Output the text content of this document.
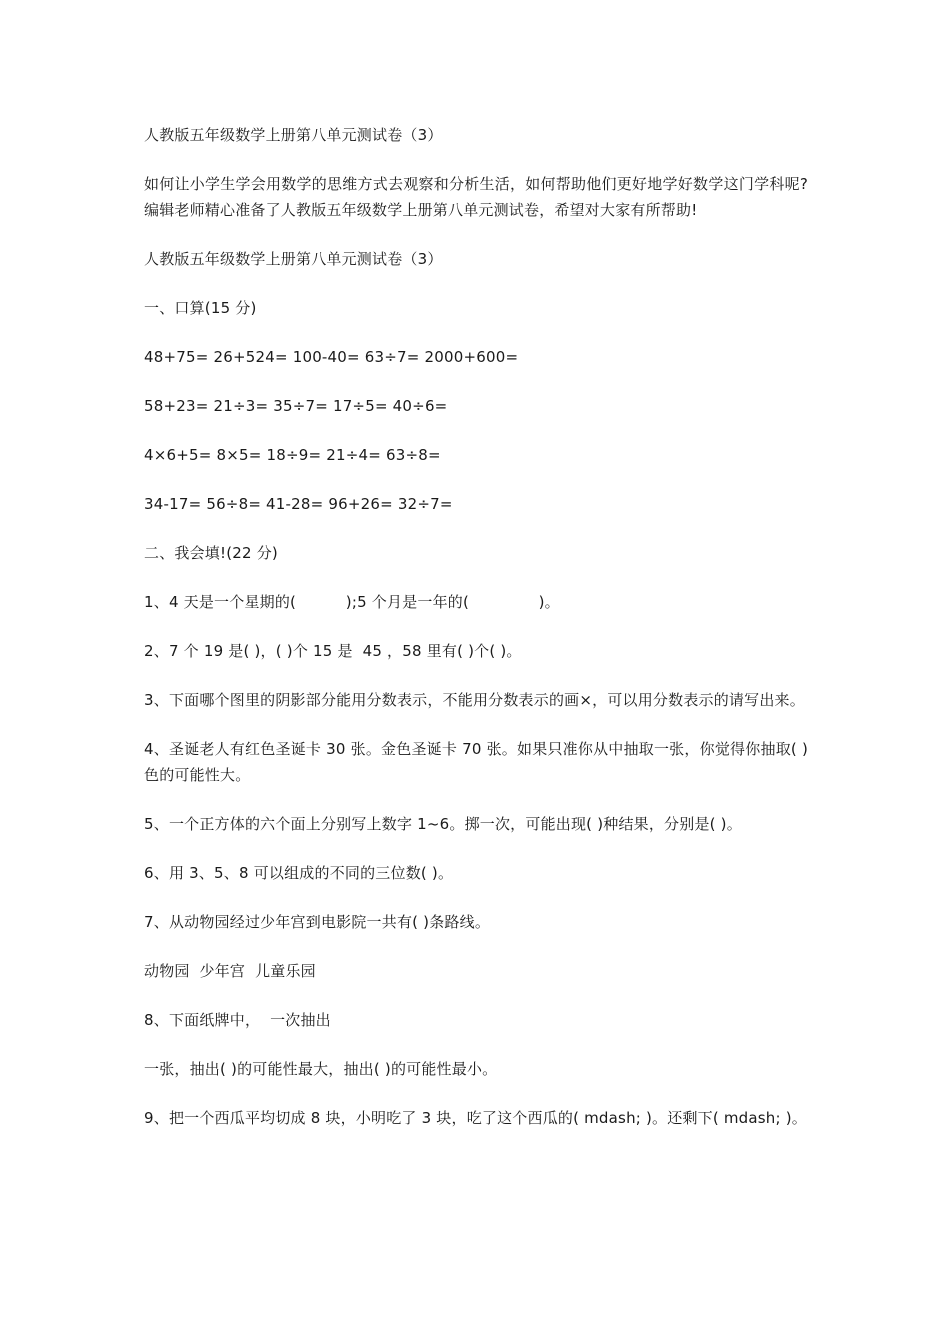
人教版五年级数学上册第八单元测试卷（3）

如何让小学生学会用数学的思维方式去观察和分析生活，如何帮助他们更好地学好数学这门学科呢?编辑老师精心准备了人教版五年级数学上册第八单元测试卷，希望对大家有所帮助!

人教版五年级数学上册第八单元测试卷（3）

一、口算(15 分)

48+75= 26+524= 100-40= 63÷7= 2000+600=

58+23= 21÷3= 35÷7= 17÷5= 40÷6=

4×6+5= 8×5= 18÷9= 21÷4= 63÷8=

34-17= 56÷8= 41-28= 96+26= 32÷7=

二、我会填!(22 分)

1、4 天是一个星期的(          );5 个月是一年的(              )。

2、7 个 19 是( )，( )个 15 是  45 ，58 里有( )个( )。

3、下面哪个图里的阴影部分能用分数表示，不能用分数表示的画×，可以用分数表示的请写出来。

4、圣诞老人有红色圣诞卡 30 张。金色圣诞卡 70 张。如果只准你从中抽取一张，你觉得你抽取( )色的可能性大。

5、一个正方体的六个面上分别写上数字 1~6。掷一次，可能出现( )种结果，分别是( )。

6、用 3、5、8 可以组成的不同的三位数( )。

7、从动物园经过少年宫到电影院一共有( )条路线。

动物园  少年宫  儿童乐园

8、下面纸牌中，  一次抽出

一张，抽出( )的可能性最大，抽出( )的可能性最小。

9、把一个西瓜平均切成 8 块，小明吃了 3 块，吃了这个西瓜的( mdash; )。还剩下( mdash; )。
